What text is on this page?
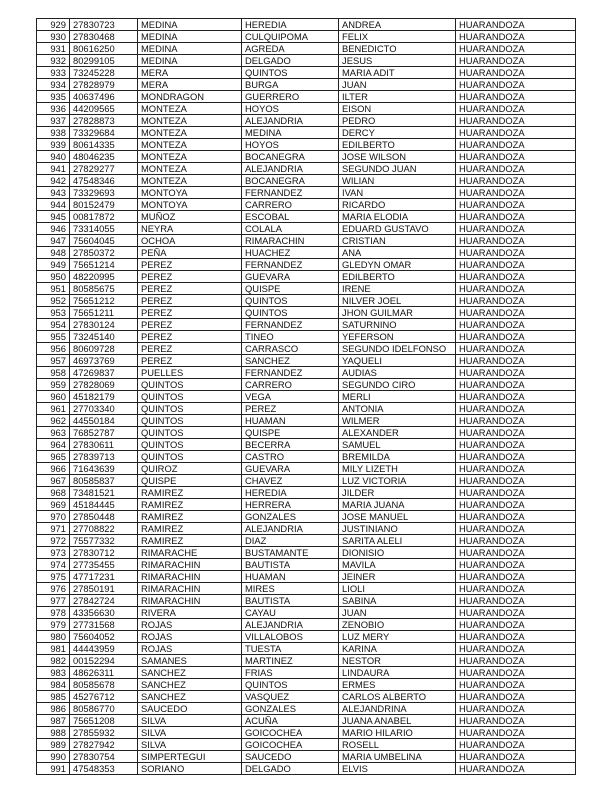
929	27830723	MEDINA	HEREDIA	ANDREA	HUARANDOZA
930	27830468	MEDINA	CULQUIPOMA	FELIX	HUARANDOZA
931	80616250	MEDINA	AGREDA	BENEDICTO	HUARANDOZA
932	80299105	MEDINA	DELGADO	JESUS	HUARANDOZA
933	73245228	MERA	QUINTOS	MARIA ADIT	HUARANDOZA
934	27828979	MERA	BURGA	JUAN	HUARANDOZA
935	40637496	MONDRAGON	GUERRERO	ILTER	HUARANDOZA
936	44209565	MONTEZA	HOYOS	EISON	HUARANDOZA
937	27828873	MONTEZA	ALEJANDRIA	PEDRO	HUARANDOZA
938	73329684	MONTEZA	MEDINA	DERCY	HUARANDOZA
939	80614335	MONTEZA	HOYOS	EDILBERTO	HUARANDOZA
940	48046235	MONTEZA	BOCANEGRA	JOSE WILSON	HUARANDOZA
941	27829277	MONTEZA	ALEJANDRIA	SEGUNDO JUAN	HUARANDOZA
942	47548346	MONTEZA	BOCANEGRA	WILIAN	HUARANDOZA
943	73329693	MONTOYA	FERNANDEZ	IVAN	HUARANDOZA
944	80152479	MONTOYA	CARRERO	RICARDO	HUARANDOZA
945	00817872	MUÑOZ	ESCOBAL	MARIA ELODIA	HUARANDOZA
946	73314055	NEYRA	COLALA	EDUARD GUSTAVO	HUARANDOZA
947	75604045	OCHOA	RIMARACHIN	CRISTIAN	HUARANDOZA
948	27850372	PEÑA	HUACHEZ	ANA	HUARANDOZA
949	75651214	PEREZ	FERNANDEZ	GLEDYN OMAR	HUARANDOZA
950	48220995	PEREZ	GUEVARA	EDILBERTO	HUARANDOZA
951	80585675	PEREZ	QUISPE	IRENE	HUARANDOZA
952	75651212	PEREZ	QUINTOS	NILVER JOEL	HUARANDOZA
953	75651211	PEREZ	QUINTOS	JHON GUILMAR	HUARANDOZA
954	27830124	PEREZ	FERNANDEZ	SATURNINO	HUARANDOZA
955	73245140	PEREZ	TINEO	YEFERSON	HUARANDOZA
956	80609728	PEREZ	CARRASCO	SEGUNDO IDELFONSO	HUARANDOZA
957	46973769	PEREZ	SANCHEZ	YAQUELI	HUARANDOZA
958	47269837	PUELLES	FERNANDEZ	AUDIAS	HUARANDOZA
959	27828069	QUINTOS	CARRERO	SEGUNDO CIRO	HUARANDOZA
960	45182179	QUINTOS	VEGA	MERLI	HUARANDOZA
961	27703340	QUINTOS	PEREZ	ANTONIA	HUARANDOZA
962	44550184	QUINTOS	HUAMAN	WILMER	HUARANDOZA
963	76852787	QUINTOS	QUISPE	ALEXANDER	HUARANDOZA
964	27830611	QUINTOS	BECERRA	SAMUEL	HUARANDOZA
965	27839713	QUINTOS	CASTRO	BREMILDA	HUARANDOZA
966	71643639	QUIROZ	GUEVARA	MILY LIZETH	HUARANDOZA
967	80585837	QUISPE	CHAVEZ	LUZ VICTORIA	HUARANDOZA
968	73481521	RAMIREZ	HEREDIA	JILDER	HUARANDOZA
969	45184445	RAMIREZ	HERRERA	MARIA JUANA	HUARANDOZA
970	27850448	RAMIREZ	GONZALES	JOSE MANUEL	HUARANDOZA
971	27708822	RAMIREZ	ALEJANDRIA	JUSTINIANO	HUARANDOZA
972	75577332	RAMIREZ	DIAZ	SARITA ALELI	HUARANDOZA
973	27830712	RIMARACHE	BUSTAMANTE	DIONISIO	HUARANDOZA
974	27735455	RIMARACHIN	BAUTISTA	MAVILA	HUARANDOZA
975	47717231	RIMARACHIN	HUAMAN	JEINER	HUARANDOZA
976	27850191	RIMARACHIN	MIRES	LIOLI	HUARANDOZA
977	27842724	RIMARACHIN	BAUTISTA	SABINA	HUARANDOZA
978	43356630	RIVERA	CAYAU	JUAN	HUARANDOZA
979	27731568	ROJAS	ALEJANDRIA	ZENOBIO	HUARANDOZA
980	75604052	ROJAS	VILLALOBOS	LUZ MERY	HUARANDOZA
981	44443959	ROJAS	TUESTA	KARINA	HUARANDOZA
982	00152294	SAMANES	MARTINEZ	NESTOR	HUARANDOZA
983	48626311	SANCHEZ	FRIAS	LINDAURA	HUARANDOZA
984	80585678	SANCHEZ	QUINTOS	ERMES	HUARANDOZA
985	45276712	SANCHEZ	VASQUEZ	CARLOS ALBERTO	HUARANDOZA
986	80586770	SAUCEDO	GONZALES	ALEJANDRINA	HUARANDOZA
987	75651208	SILVA	ACUÑA	JUANA ANABEL	HUARANDOZA
988	27855932	SILVA	GOICOCHEA	MARIO HILARIO	HUARANDOZA
989	27827942	SILVA	GOICOCHEA	ROSELL	HUARANDOZA
990	27830754	SIMPERTEGUI	SAUCEDO	MARIA UMBELINA	HUARANDOZA
991	47548353	SORIANO	DELGADO	ELVIS	HUARANDOZA
